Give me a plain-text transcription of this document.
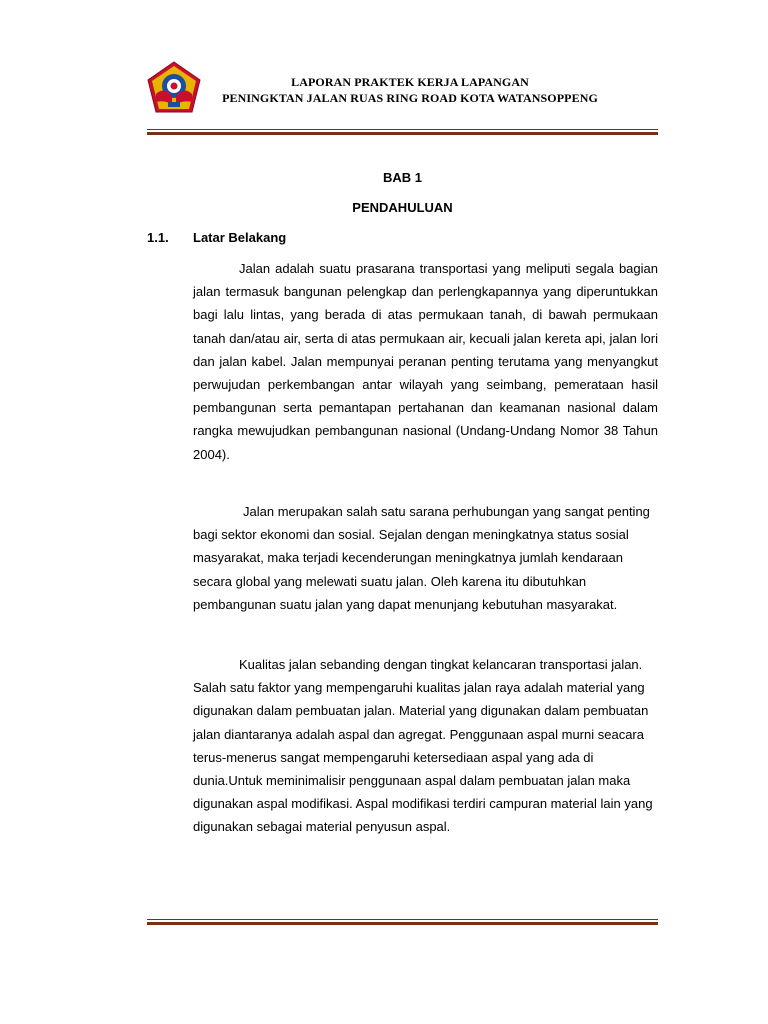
LAPORAN PRAKTEK KERJA LAPANGAN
PENINGKTAN JALAN RUAS RING ROAD KOTA WATANSOPPENG
BAB 1
PENDAHULUAN
1.1. Latar Belakang

Jalan adalah suatu prasarana transportasi yang meliputi segala bagian jalan termasuk bangunan pelengkap dan perlengkapannya yang diperuntukkan bagi lalu lintas, yang berada di atas permukaan tanah, di bawah permukaan tanah dan/atau air, serta di atas permukaan air, kecuali jalan kereta api, jalan lori dan jalan kabel. Jalan mempunyai peranan penting terutama yang menyangkut perwujudan perkembangan antar wilayah yang seimbang, pemerataan hasil pembangunan serta pemantapan pertahanan dan keamanan nasional dalam rangka mewujudkan pembangunan nasional (Undang-Undang Nomor 38 Tahun 2004).

Jalan merupakan salah satu sarana perhubungan yang sangat penting bagi sektor ekonomi dan sosial. Sejalan dengan meningkatnya status sosial masyarakat, maka terjadi kecenderungan meningkatnya jumlah kendaraan secara global yang melewati suatu jalan. Oleh karena itu dibutuhkan pembangunan suatu jalan yang dapat menunjang kebutuhan masyarakat.

Kualitas jalan sebanding dengan tingkat kelancaran transportasi jalan. Salah satu faktor yang mempengaruhi kualitas jalan raya adalah material yang digunakan dalam pembuatan jalan. Material yang digunakan dalam pembuatan jalan diantaranya adalah aspal dan agregat. Penggunaan aspal murni seacara terus-menerus sangat mempengaruhi ketersediaan aspal yang ada di dunia.Untuk meminimalisir penggunaan aspal dalam pembuatan jalan maka digunakan aspal modifikasi. Aspal modifikasi terdiri campuran material lain yang digunakan sebagai material penyusun aspal.
